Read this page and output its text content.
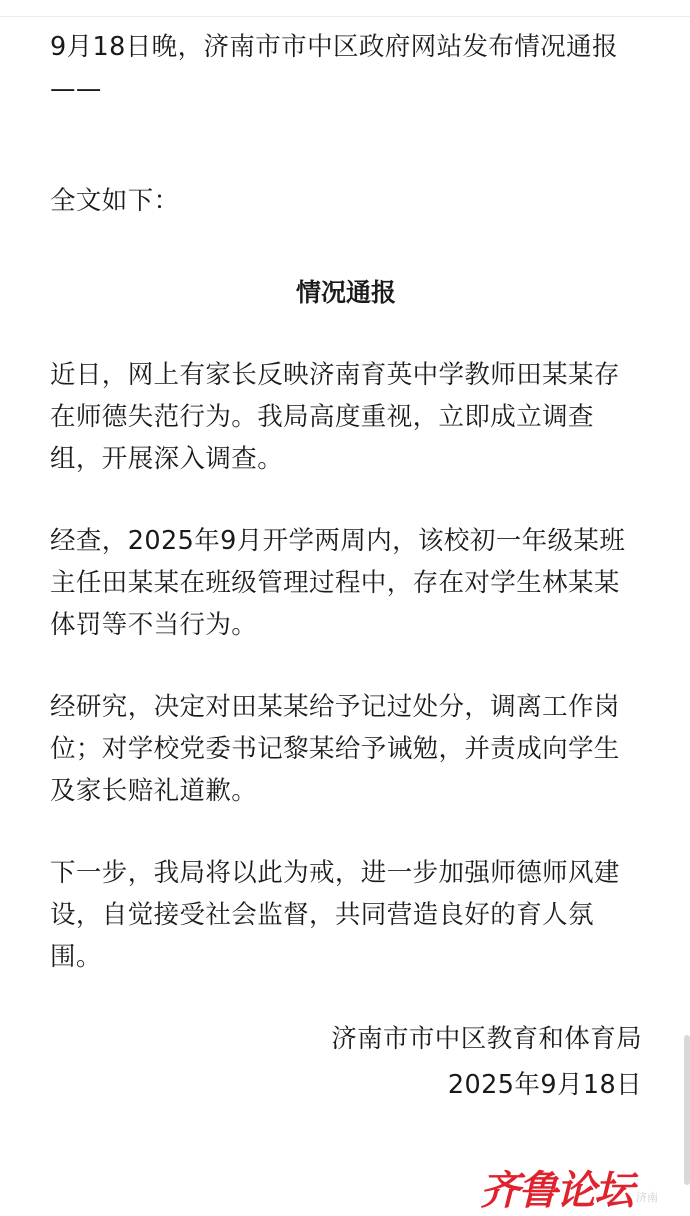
9月18日晚，济南市市中区政府网站发布情况通报
——
全文如下：
情况通报
近日，网上有家长反映济南育英中学教师田某某存
在师德失范行为。我局高度重视，立即成立调查
组，开展深入调查。
经查，2025年9月开学两周内，该校初一年级某班
主任田某某在班级管理过程中，存在对学生林某某
体罚等不当行为。
经研究，决定对田某某给予记过处分，调离工作岗
位；对学校党委书记黎某给予诫勉，并责成向学生
及家长赔礼道歉。
下一步，我局将以此为戒，进一步加强师德师风建
设，自觉接受社会监督，共同营造良好的育人氛
围。
济南市市中区教育和体育局
2025年9月18日
齐鲁论坛 济南
